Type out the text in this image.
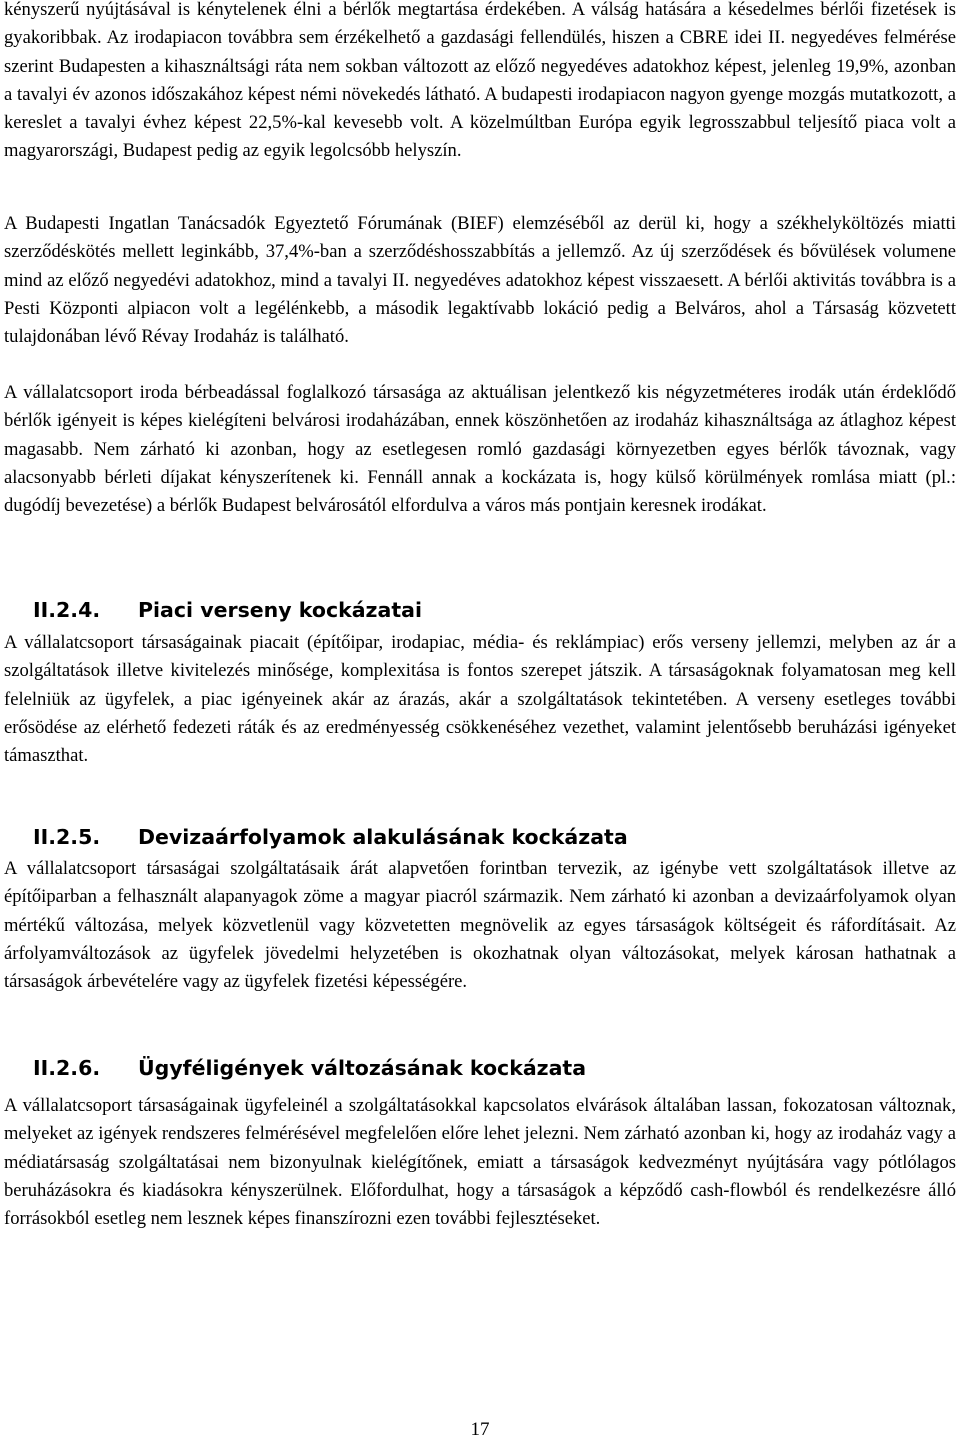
kényszerű nyújtásával is kénytelenek élni a bérlők megtartása érdekében. A válság hatására a késedelmes bérlői fizetések is gyakoribbak. Az irodapiacon továbbra sem érzékelhető a gazdasági fellendülés, hiszen a CBRE idei II. negyedéves felmérése szerint Budapesten a kihasználtsági ráta nem sokban változott az előző negyedéves adatokhoz képest, jelenleg 19,9%, azonban a tavalyi év azonos időszakához képest némi növekedés látható. A budapesti irodapiacon nagyon gyenge mozgás mutatkozott, a kereslet a tavalyi évhez képest 22,5%-kal kevesebb volt. A közelmúltban Európa egyik legrosszabbul teljesítő piaca volt a magyarországi, Budapest pedig az egyik legolcsóbb helyszín.

A Budapesti Ingatlan Tanácsadók Egyeztető Fórumának (BIEF) elemzéséből az derül ki, hogy a székhelyköltözés miatti szerződéskötés mellett leginkább, 37,4%-ban a szerződéshosszabbítás a jellemző. Az új szerződések és bővülések volumene mind az előző negyedévi adatokhoz, mind a tavalyi II. negyedéves adatokhoz képest visszaesett. A bérlői aktivitás továbbra is a Pesti Központi alpiacon volt a legélénkebb, a második legaktívabb lokáció pedig a Belváros, ahol a Társaság közvetett tulajdonában lévő Révay Irodaház is található.

A vállalatcsoport iroda bérbeadással foglalkozó társasága az aktuálisan jelentkező kis négyzetméteres irodák után érdeklődő bérlők igényeit is képes kielégíteni belvárosi irodaházában, ennek köszönhetően az irodaház kihasználtsága az átlaghoz képest magasabb. Nem zárható ki azonban, hogy az esetlegesen romló gazdasági környezetben egyes bérlők távoznak, vagy alacsonyabb bérleti díjakat kényszerítenek ki. Fennáll annak a kockázata is, hogy külső körülmények romlása miatt (pl.: dugódíj bevezetése) a bérlők Budapest belvárosától elfordulva a város más pontjain keresnek irodákat.

II.2.4. Piaci verseny kockázatai

A vállalatcsoport társaságainak piacait (építőipar, irodapiac, média- és reklámpiac) erős verseny jellemzi, melyben az ár a szolgáltatások illetve kivitelezés minősége, komplexitása is fontos szerepet játszik. A társaságoknak folyamatosan meg kell felelniük az ügyfelek, a piac igényeinek akár az árazás, akár a szolgáltatások tekintetében. A verseny esetleges további erősödése az elérhető fedezeti ráták és az eredményesség csökkenéséhez vezethet, valamint jelentősebb beruházási igényeket támaszthat.

II.2.5. Devizaárfolyamok alakulásának kockázata

A vállalatcsoport társaságai szolgáltatásaik árát alapvetően forintban tervezik, az igénybe vett szolgáltatások illetve az építőiparban a felhasznált alapanyagok zöme a magyar piacról származik. Nem zárható ki azonban a devizaárfolyamok olyan mértékű változása, melyek közvetlenül vagy közvetetten megnövelik az egyes társaságok költségeit és ráfordításait. Az árfolyamváltozások az ügyfelek jövedelmi helyzetében is okozhatnak olyan változásokat, melyek károsan hathatnak a társaságok árbevételére vagy az ügyfelek fizetési képességére.

II.2.6. Ügyféligények változásának kockázata

A vállalatcsoport társaságainak ügyfeleinél a szolgáltatásokkal kapcsolatos elvárások általában lassan, fokozatosan változnak, melyeket az igények rendszeres felmérésével megfelelően előre lehet jelezni. Nem zárható azonban ki, hogy az irodaház vagy a médiatársaság szolgáltatásai nem bizonyulnak kielégítőnek, emiatt a társaságok kedvezményt nyújtására vagy pótlólagos beruházásokra és kiadásokra kényszerülnek. Előfordulhat, hogy a társaságok a képződő cash-flowból és rendelkezésre álló forrásokból esetleg nem lesznek képes finanszírozni ezen további fejlesztéseket.

17
